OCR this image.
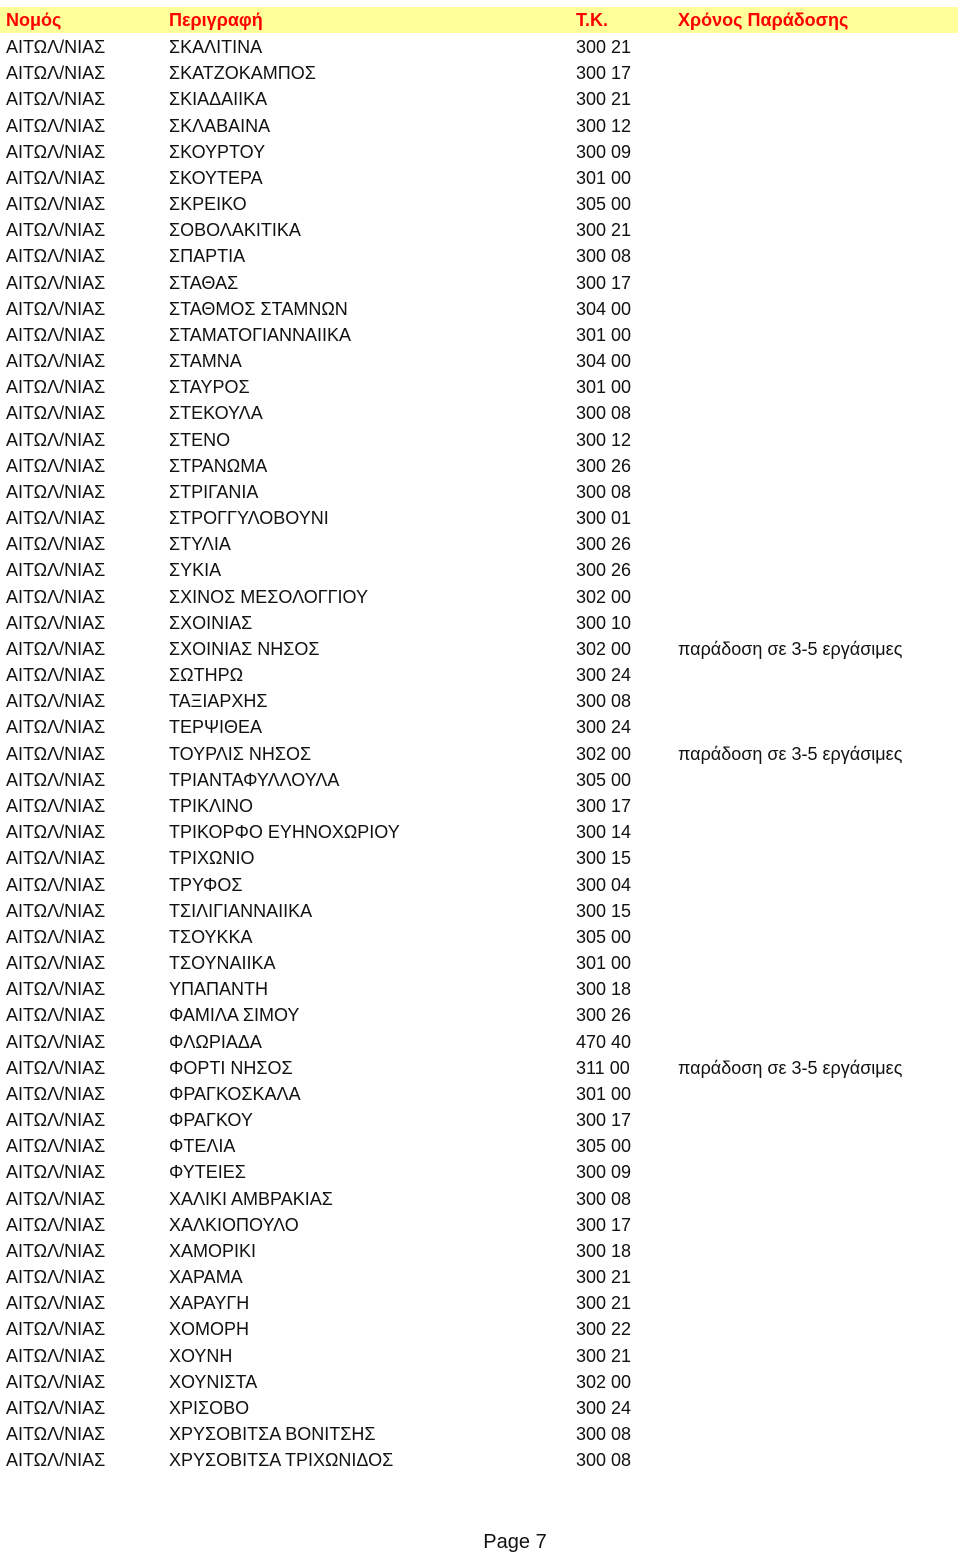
Νομός	Περιγραφή	Τ.Κ.	Χρόνος Παράδοσης
ΑΙΤΩΛ/ΝΙΑΣ	ΣΚΑΛΙΤΙΝΑ	300 21
ΑΙΤΩΛ/ΝΙΑΣ	ΣΚΑΤΖΟΚΑΜΠΟΣ	300 17
ΑΙΤΩΛ/ΝΙΑΣ	ΣΚΙΑΔΑΙΙΚΑ	300 21
ΑΙΤΩΛ/ΝΙΑΣ	ΣΚΛΑΒΑΙΝΑ	300 12
ΑΙΤΩΛ/ΝΙΑΣ	ΣΚΟΥΡΤΟΥ	300 09
ΑΙΤΩΛ/ΝΙΑΣ	ΣΚΟΥΤΕΡΑ	301 00
ΑΙΤΩΛ/ΝΙΑΣ	ΣΚΡΕΙΚΟ	305 00
ΑΙΤΩΛ/ΝΙΑΣ	ΣΟΒΟΛΑΚΙΤΙΚΑ	300 21
ΑΙΤΩΛ/ΝΙΑΣ	ΣΠΑΡΤΙΑ	300 08
ΑΙΤΩΛ/ΝΙΑΣ	ΣΤΑΘΑΣ	300 17
ΑΙΤΩΛ/ΝΙΑΣ	ΣΤΑΘΜΟΣ ΣΤΑΜΝΩΝ	304 00
ΑΙΤΩΛ/ΝΙΑΣ	ΣΤΑΜΑΤΟΓΙΑΝΝΑΙΙΚΑ	301 00
ΑΙΤΩΛ/ΝΙΑΣ	ΣΤΑΜΝΑ	304 00
ΑΙΤΩΛ/ΝΙΑΣ	ΣΤΑΥΡΟΣ	301 00
ΑΙΤΩΛ/ΝΙΑΣ	ΣΤΕΚΟΥΛΑ	300 08
ΑΙΤΩΛ/ΝΙΑΣ	ΣΤΕΝΟ	300 12
ΑΙΤΩΛ/ΝΙΑΣ	ΣΤΡΑΝΩΜΑ	300 26
ΑΙΤΩΛ/ΝΙΑΣ	ΣΤΡΙΓΑΝΙΑ	300 08
ΑΙΤΩΛ/ΝΙΑΣ	ΣΤΡΟΓΓΥΛΟΒΟΥΝΙ	300 01
ΑΙΤΩΛ/ΝΙΑΣ	ΣΤΥΛΙΑ	300 26
ΑΙΤΩΛ/ΝΙΑΣ	ΣΥΚΙΑ	300 26
ΑΙΤΩΛ/ΝΙΑΣ	ΣΧΙΝΟΣ ΜΕΣΟΛΟΓΓΙΟΥ	302 00
ΑΙΤΩΛ/ΝΙΑΣ	ΣΧΟΙΝΙΑΣ	300 10
ΑΙΤΩΛ/ΝΙΑΣ	ΣΧΟΙΝΙΑΣ ΝΗΣΟΣ	302 00	παράδοση σε 3-5 εργάσιμες
ΑΙΤΩΛ/ΝΙΑΣ	ΣΩΤΗΡΩ	300 24
ΑΙΤΩΛ/ΝΙΑΣ	ΤΑΞΙΑΡΧΗΣ	300 08
ΑΙΤΩΛ/ΝΙΑΣ	ΤΕΡΨΙΘΕΑ	300 24
ΑΙΤΩΛ/ΝΙΑΣ	ΤΟΥΡΛΙΣ ΝΗΣΟΣ	302 00	παράδοση σε 3-5 εργάσιμες
ΑΙΤΩΛ/ΝΙΑΣ	ΤΡΙΑΝΤΑΦΥΛΛΟΥΛΑ	305 00
ΑΙΤΩΛ/ΝΙΑΣ	ΤΡΙΚΛΙΝΟ	300 17
ΑΙΤΩΛ/ΝΙΑΣ	ΤΡΙΚΟΡΦΟ ΕΥΗΝΟΧΩΡΙΟΥ	300 14
ΑΙΤΩΛ/ΝΙΑΣ	ΤΡΙΧΩΝΙΟ	300 15
ΑΙΤΩΛ/ΝΙΑΣ	ΤΡΥΦΟΣ	300 04
ΑΙΤΩΛ/ΝΙΑΣ	ΤΣΙΛΙΓΙΑΝΝΑΙΙΚΑ	300 15
ΑΙΤΩΛ/ΝΙΑΣ	ΤΣΟΥΚΚΑ	305 00
ΑΙΤΩΛ/ΝΙΑΣ	ΤΣΟΥΝΑΙΙΚΑ	301 00
ΑΙΤΩΛ/ΝΙΑΣ	ΥΠΑΠΑΝΤΗ	300 18
ΑΙΤΩΛ/ΝΙΑΣ	ΦΑΜΙΛΑ ΣΙΜΟΥ	300 26
ΑΙΤΩΛ/ΝΙΑΣ	ΦΛΩΡΙΑΔΑ	470 40
ΑΙΤΩΛ/ΝΙΑΣ	ΦΟΡΤΙ ΝΗΣΟΣ	311 00	παράδοση σε 3-5 εργάσιμες
ΑΙΤΩΛ/ΝΙΑΣ	ΦΡΑΓΚΟΣΚΑΛΑ	301 00
ΑΙΤΩΛ/ΝΙΑΣ	ΦΡΑΓΚΟΥ	300 17
ΑΙΤΩΛ/ΝΙΑΣ	ΦΤΕΛΙΑ	305 00
ΑΙΤΩΛ/ΝΙΑΣ	ΦΥΤΕΙΕΣ	300 09
ΑΙΤΩΛ/ΝΙΑΣ	ΧΑΛΙΚΙ ΑΜΒΡΑΚΙΑΣ	300 08
ΑΙΤΩΛ/ΝΙΑΣ	ΧΑΛΚΙΟΠΟΥΛΟ	300 17
ΑΙΤΩΛ/ΝΙΑΣ	ΧΑΜΟΡΙΚΙ	300 18
ΑΙΤΩΛ/ΝΙΑΣ	ΧΑΡΑΜΑ	300 21
ΑΙΤΩΛ/ΝΙΑΣ	ΧΑΡΑΥΓΗ	300 21
ΑΙΤΩΛ/ΝΙΑΣ	ΧΟΜΟΡΗ	300 22
ΑΙΤΩΛ/ΝΙΑΣ	ΧΟΥΝΗ	300 21
ΑΙΤΩΛ/ΝΙΑΣ	ΧΟΥΝΙΣΤΑ	302 00
ΑΙΤΩΛ/ΝΙΑΣ	ΧΡΙΣΟΒΟ	300 24
ΑΙΤΩΛ/ΝΙΑΣ	ΧΡΥΣΟΒΙΤΣΑ ΒΟΝΙΤΣΗΣ	300 08
ΑΙΤΩΛ/ΝΙΑΣ	ΧΡΥΣΟΒΙΤΣΑ ΤΡΙΧΩΝΙΔΟΣ	300 08
Page 7
